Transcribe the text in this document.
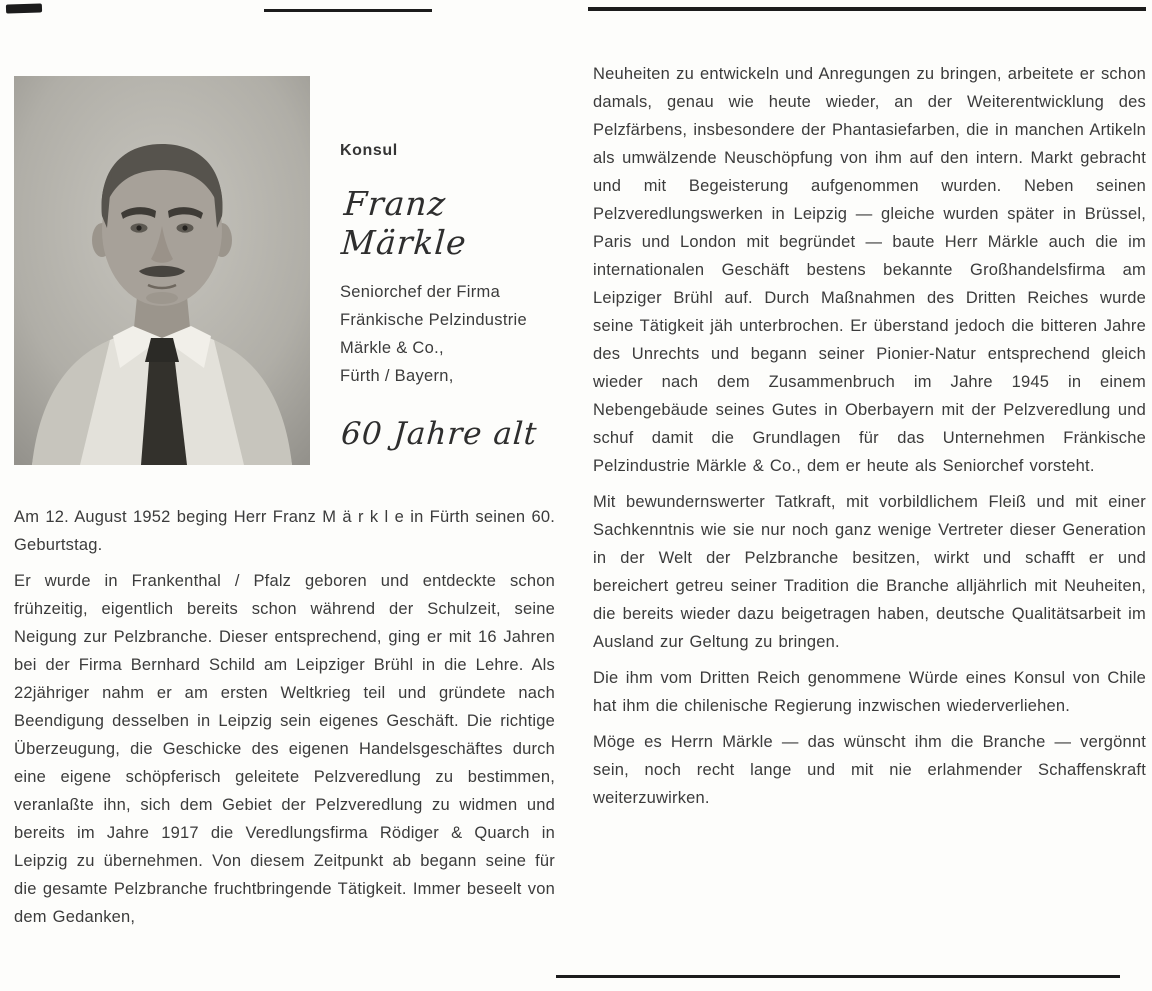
Konsul
Franz Märkle
Seniorchef der Firma
Fränkische Pelzindustrie
Märkle & Co.,
Fürth / Bayern,
60 Jahre alt

Am 12. August 1952 beging Herr Franz M ä r k l e in Fürth seinen 60. Geburtstag.

Er wurde in Frankenthal / Pfalz geboren und entdeckte schon frühzeitig, eigentlich bereits schon während der Schulzeit, seine Neigung zur Pelzbranche. Dieser entsprechend, ging er mit 16 Jahren bei der Firma Bernhard Schild am Leipziger Brühl in die Lehre. Als 22jähriger nahm er am ersten Weltkrieg teil und gründete nach Beendigung desselben in Leipzig sein eigenes Geschäft. Die richtige Überzeugung, die Geschicke des eigenen Handelsgeschäftes durch eine eigene schöpferisch geleitete Pelzveredlung zu bestimmen, veranlaßte ihn, sich dem Gebiet der Pelzveredlung zu widmen und bereits im Jahre 1917 die Veredlungsfirma Rödiger & Quarch in Leipzig zu übernehmen. Von diesem Zeitpunkt ab begann seine für die gesamte Pelzbranche fruchtbringende Tätigkeit. Immer beseelt von dem Gedanken,

Neuheiten zu entwickeln und Anregungen zu bringen, arbeitete er schon damals, genau wie heute wieder, an der Weiterentwicklung des Pelzfärbens, insbesondere der Phantasiefarben, die in manchen Artikeln als umwälzende Neuschöpfung von ihm auf den intern. Markt gebracht und mit Begeisterung aufgenommen wurden. Neben seinen Pelzveredlungswerken in Leipzig — gleiche wurden später in Brüssel, Paris und London mit begründet — baute Herr Märkle auch die im internationalen Geschäft bestens bekannte Großhandelsfirma am Leipziger Brühl auf. Durch Maßnahmen des Dritten Reiches wurde seine Tätigkeit jäh unterbrochen. Er überstand jedoch die bitteren Jahre des Unrechts und begann seiner Pionier-Natur entsprechend gleich wieder nach dem Zusammenbruch im Jahre 1945 in einem Nebengebäude seines Gutes in Oberbayern mit der Pelzveredlung und schuf damit die Grundlagen für das Unternehmen Fränkische Pelzindustrie Märkle & Co., dem er heute als Seniorchef vorsteht.

Mit bewundernswerter Tatkraft, mit vorbildlichem Fleiß und mit einer Sachkenntnis wie sie nur noch ganz wenige Vertreter dieser Generation in der Welt der Pelzbranche besitzen, wirkt und schafft er und bereichert getreu seiner Tradition die Branche alljährlich mit Neuheiten, die bereits wieder dazu beigetragen haben, deutsche Qualitätsarbeit im Ausland zur Geltung zu bringen.

Die ihm vom Dritten Reich genommene Würde eines Konsul von Chile hat ihm die chilenische Regierung inzwischen wiederverliehen.

Möge es Herrn Märkle — das wünscht ihm die Branche — vergönnt sein, noch recht lange und mit nie erlahmender Schaffenskraft weiterzuwirken.
